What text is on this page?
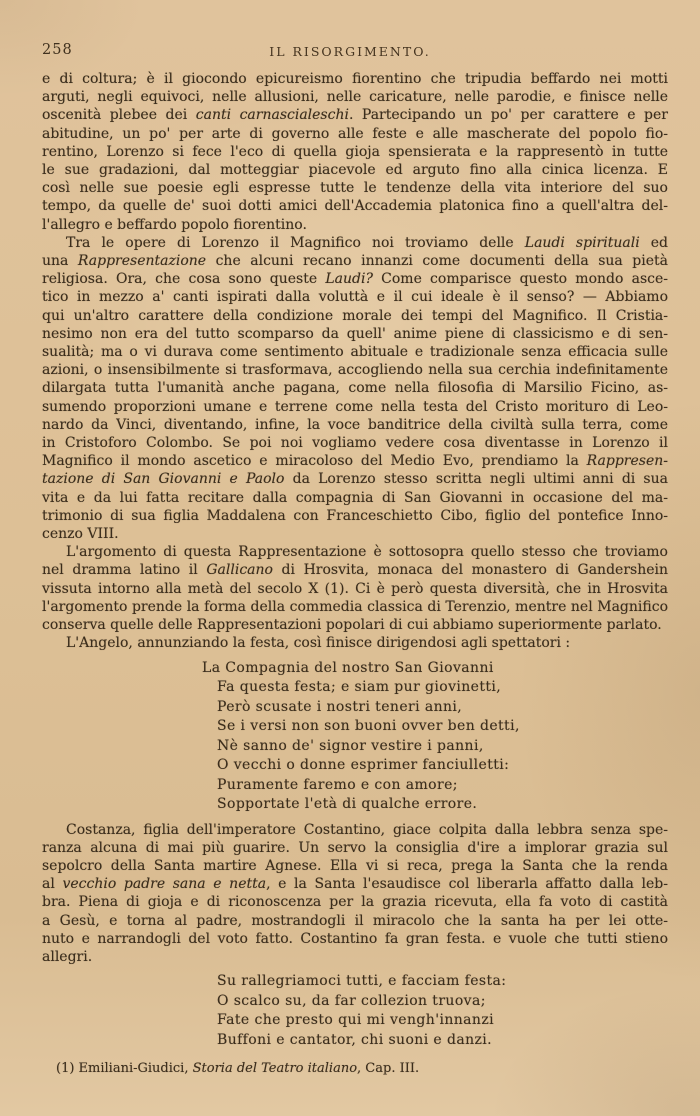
258	IL RISORGIMENTO.
e di coltura; è il giocondo epicureismo fiorentino che tripudia beffardo nei motti
arguti, negli equivoci, nelle allusioni, nelle caricature, nelle parodie, e finisce nelle
oscenità plebee dei canti carnascialeschi. Partecipando un po' per carattere e per
abitudine, un po' per arte di governo alle feste e alle mascherate del popolo fio-
rentino, Lorenzo si fece l'eco di quella gioja spensierata e la rappresentò in tutte
le sue gradazioni, dal motteggiar piacevole ed arguto fino alla cinica licenza. E
così nelle sue poesie egli espresse tutte le tendenze della vita interiore del suo
tempo, da quelle de' suoi dotti amici dell'Accademia platonica fino a quell'altra del-
l'allegro e beffardo popolo fiorentino.
Tra le opere di Lorenzo il Magnifico noi troviamo delle Laudi spirituali ed
una Rappresentazione che alcuni recano innanzi come documenti della sua pietà
religiosa. Ora, che cosa sono queste Laudi? Come comparisce questo mondo asce-
tico in mezzo a' canti ispirati dalla voluttà e il cui ideale è il senso? — Abbiamo
qui un'altro carattere della condizione morale dei tempi del Magnifico. Il Cristia-
nesimo non era del tutto scomparso da quell' anime piene di classicismo e di sen-
sualità; ma o vi durava come sentimento abituale e tradizionale senza efficacia sulle
azioni, o insensibilmente si trasformava, accogliendo nella sua cerchia indefinitamente
dilargata tutta l'umanità anche pagana, come nella filosofia di Marsilio Ficino, as-
sumendo proporzioni umane e terrene come nella testa del Cristo morituro di Leo-
nardo da Vinci, diventando, infine, la voce banditrice della civiltà sulla terra, come
in Cristoforo Colombo. Se poi noi vogliamo vedere cosa diventasse in Lorenzo il
Magnifico il mondo ascetico e miracoloso del Medio Evo, prendiamo la Rappresen-
tazione di San Giovanni e Paolo da Lorenzo stesso scritta negli ultimi anni di sua
vita e da lui fatta recitare dalla compagnia di San Giovanni in occasione del ma-
trimonio di sua figlia Maddalena con Franceschietto Cibo, figlio del pontefice Inno-
cenzo VIII.
L'argomento di questa Rappresentazione è sottosopra quello stesso che troviamo
nel dramma latino il Gallicano di Hrosvita, monaca del monastero di Gandershein
vissuta intorno alla metà del secolo X (1). Ci è però questa diversità, che in Hrosvita
l'argomento prende la forma della commedia classica di Terenzio, mentre nel Magnifico
conserva quelle delle Rappresentazioni popolari di cui abbiamo superiormente parlato.
L'Angelo, annunziando la festa, così finisce dirigendosi agli spettatori :
La Compagnia del nostro San Giovanni
Fa questa festa; e siam pur giovinetti,
Però scusate i nostri teneri anni,
Se i versi non son buoni ovver ben detti,
Nè sanno de' signor vestire i panni,
O vecchi o donne esprimer fanciulletti:
Puramente faremo e con amore;
Sopportate l'età di qualche errore.
Costanza, figlia dell'imperatore Costantino, giace colpita dalla lebbra senza spe-
ranza alcuna di mai più guarire. Un servo la consiglia d'ire a implorar grazia sul
sepolcro della Santa martire Agnese. Ella vi si reca, prega la Santa che la renda
al vecchio padre sana e netta, e la Santa l'esaudisce col liberarla affatto dalla leb-
bra. Piena di gioja e di riconoscenza per la grazia ricevuta, ella fa voto di castità
a Gesù, e torna al padre, mostrandogli il miracolo che la santa ha per lei otte-
nuto e narrandogli del voto fatto. Costantino fa gran festa. e vuole che tutti stieno
allegri.
Su rallegriamoci tutti, e facciam festa:
O scalco su, da far collezion truova;
Fate che presto qui mi vengh'innanzi
Buffoni e cantator, chi suoni e danzi.
(1) Emiliani-Giudici, Storia del Teatro italiano, Cap. III.
